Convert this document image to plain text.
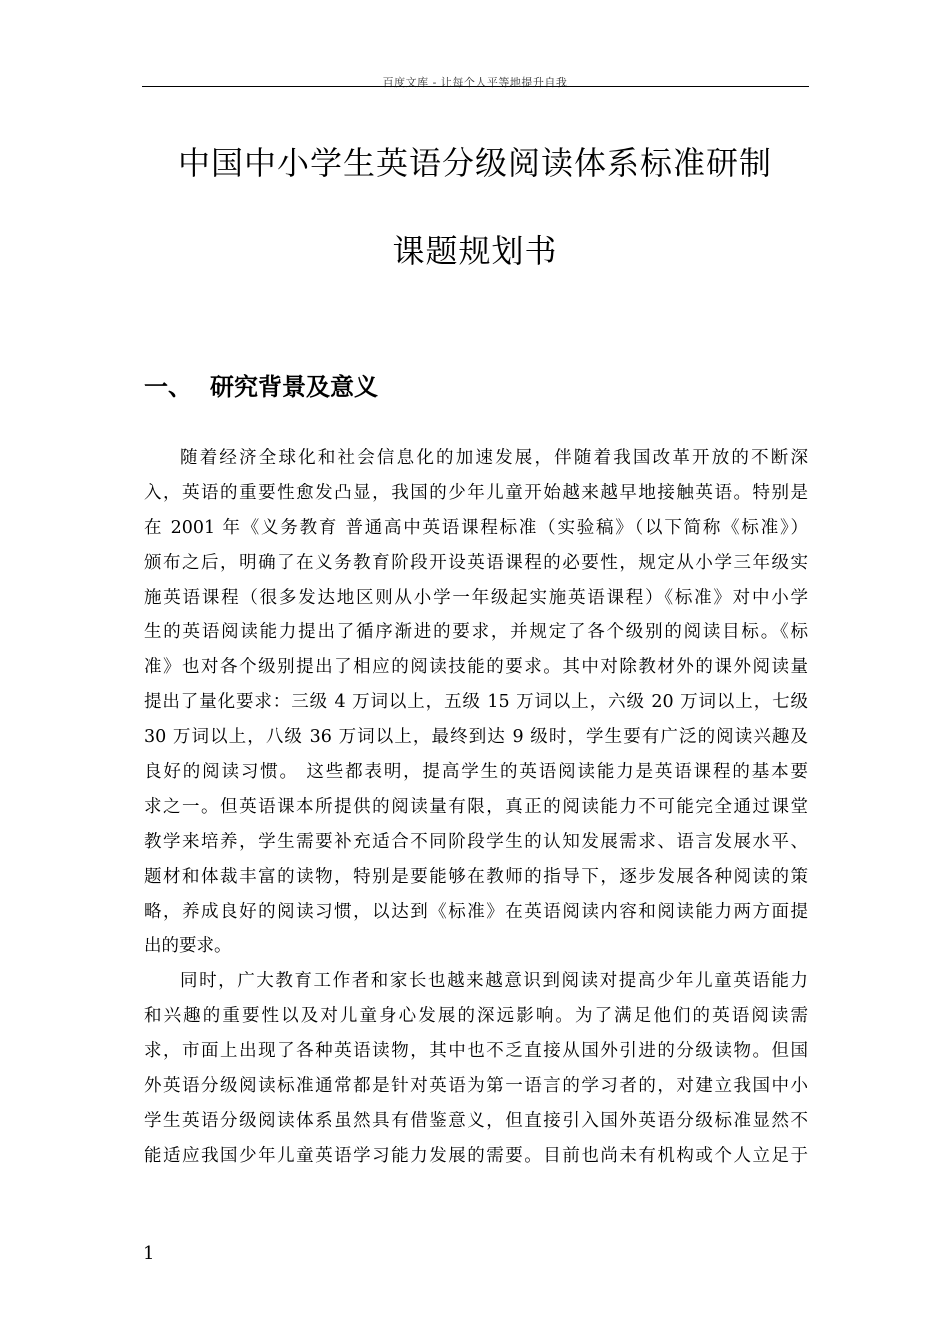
百度文库 - 让每个人平等地提升自我
中国中小学生英语分级阅读体系标准研制
课题规划书
一、 研究背景及意义
随着经济全球化和社会信息化的加速发展，伴随着我国改革开放的不断深
入，英语的重要性愈发凸显，我国的少年儿童开始越来越早地接触英语。特别是
在 2001 年《义务教育 普通高中英语课程标准（实验稿》（以下简称《标准》）
颁布之后，明确了在义务教育阶段开设英语课程的必要性，规定从小学三年级实
施英语课程（很多发达地区则从小学一年级起实施英语课程）《标准》对中小学
生的英语阅读能力提出了循序渐进的要求，并规定了各个级别的阅读目标。《标
准》也对各个级别提出了相应的阅读技能的要求。其中对除教材外的课外阅读量
提出了量化要求：三级 4 万词以上，五级 15 万词以上，六级 20 万词以上，七级
30 万词以上，八级 36 万词以上，最终到达 9 级时，学生要有广泛的阅读兴趣及
良好的阅读习惯。 这些都表明，提高学生的英语阅读能力是英语课程的基本要
求之一。但英语课本所提供的阅读量有限，真正的阅读能力不可能完全通过课堂
教学来培养，学生需要补充适合不同阶段学生的认知发展需求、语言发展水平、
题材和体裁丰富的读物，特别是要能够在教师的指导下，逐步发展各种阅读的策
略，养成良好的阅读习惯，以达到《标准》在英语阅读内容和阅读能力两方面提
出的要求。
同时，广大教育工作者和家长也越来越意识到阅读对提高少年儿童英语能力
和兴趣的重要性以及对儿童身心发展的深远影响。为了满足他们的英语阅读需
求，市面上出现了各种英语读物，其中也不乏直接从国外引进的分级读物。但国
外英语分级阅读标准通常都是针对英语为第一语言的学习者的，对建立我国中小
学生英语分级阅读体系虽然具有借鉴意义，但直接引入国外英语分级标准显然不
能适应我国少年儿童英语学习能力发展的需要。目前也尚未有机构或个人立足于
1
